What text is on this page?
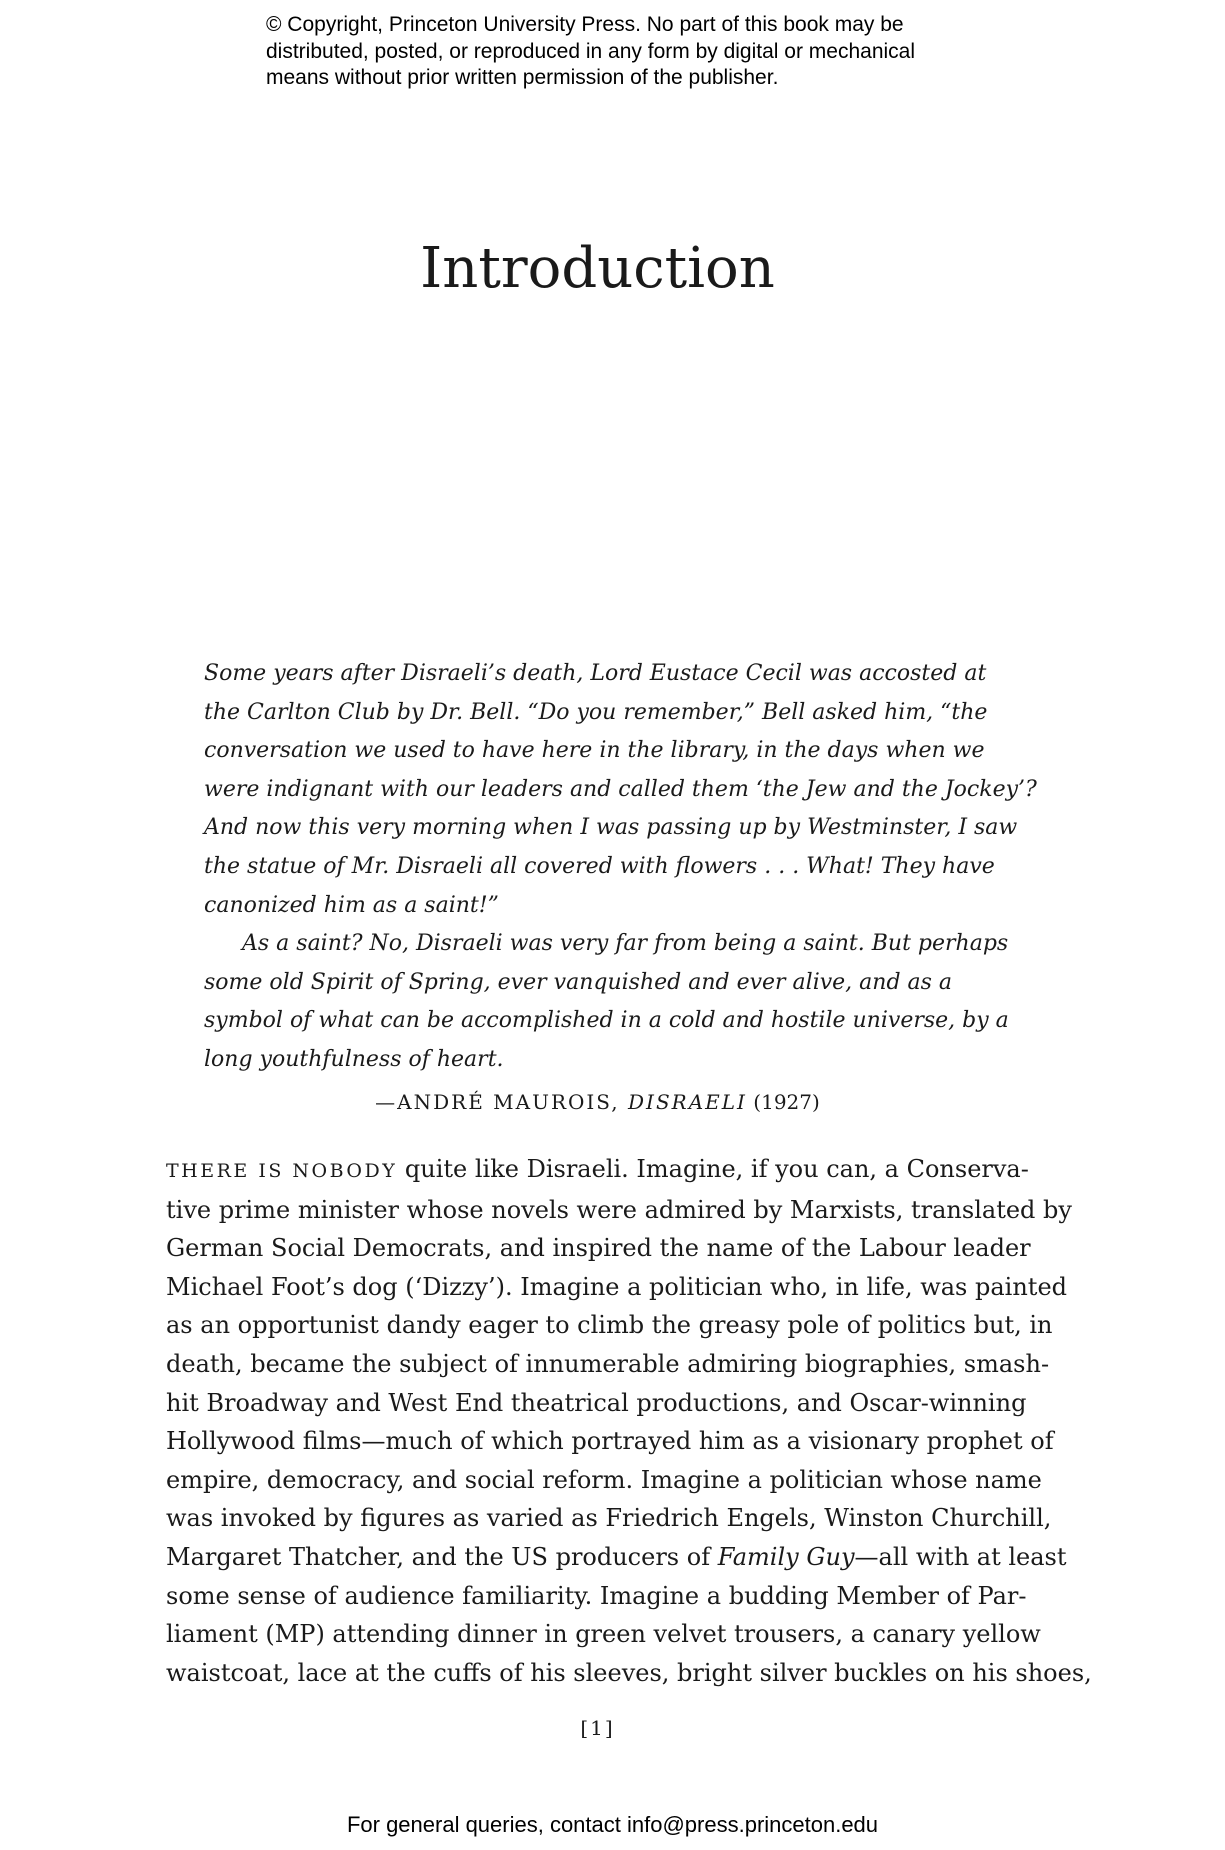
© Copyright, Princeton University Press. No part of this book may be
distributed, posted, or reproduced in any form by digital or mechanical
means without prior written permission of the publisher.
Introduction
Some years after Disraeli’s death, Lord Eustace Cecil was accosted at
the Carlton Club by Dr. Bell. “Do you remember,” Bell asked him, “the
conversation we used to have here in the library, in the days when we
were indignant with our leaders and called them ‘the Jew and the Jockey’?
And now this very morning when I was passing up by Westminster, I saw
the statue of Mr. Disraeli all covered with flowers . . . What! They have
canonized him as a saint!”
As a saint? No, Disraeli was very far from being a saint. But perhaps
some old Spirit of Spring, ever vanquished and ever alive, and as a
symbol of what can be accomplished in a cold and hostile universe, by a
long youthfulness of heart.
—ANDRÉ MAUROIS, DISRAELI (1927)
THERE IS NOBODY quite like Disraeli. Imagine, if you can, a Conserva-
tive prime minister whose novels were admired by Marxists, translated by
German Social Democrats, and inspired the name of the Labour leader
Michael Foot’s dog (‘Dizzy’). Imagine a politician who, in life, was painted
as an opportunist dandy eager to climb the greasy pole of politics but, in
death, became the subject of innumerable admiring biographies, smash-
hit Broadway and West End theatrical productions, and Oscar-winning
Hollywood films—much of which portrayed him as a visionary prophet of
empire, democracy, and social reform. Imagine a politician whose name
was invoked by figures as varied as Friedrich Engels, Winston Churchill,
Margaret Thatcher, and the US producers of Family Guy—all with at least
some sense of audience familiarity. Imagine a budding Member of Par-
liament (MP) attending dinner in green velvet trousers, a canary yellow
waistcoat, lace at the cuffs of his sleeves, bright silver buckles on his shoes,
[1]
For general queries, contact info@press.princeton.edu
